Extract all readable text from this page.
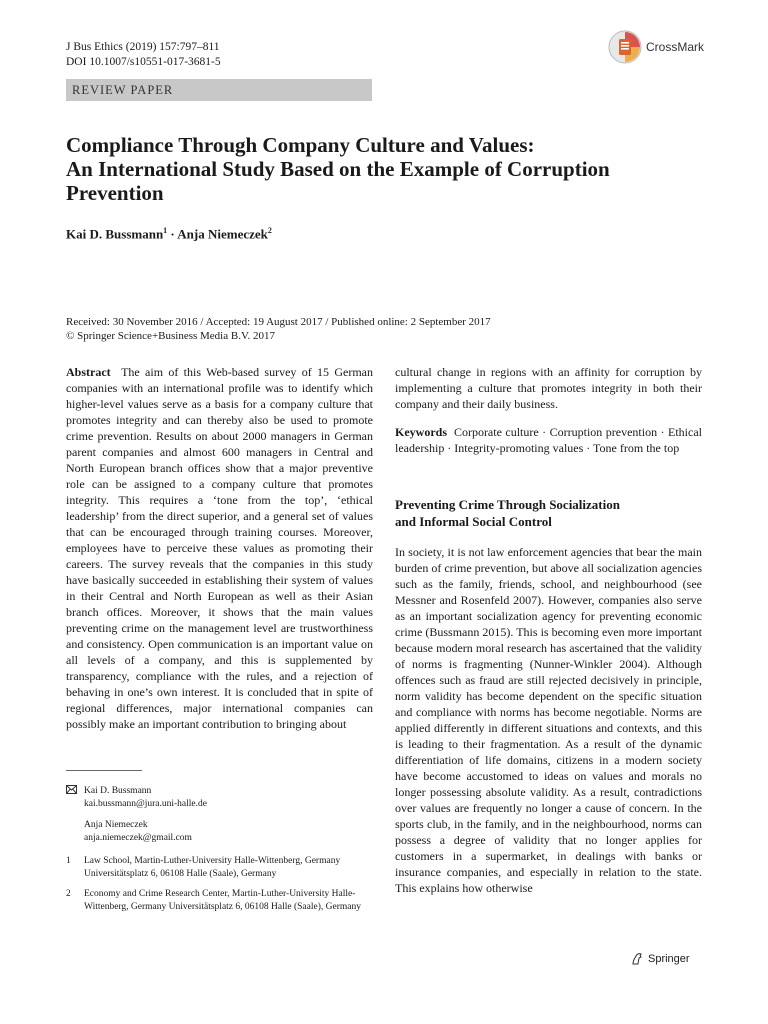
J Bus Ethics (2019) 157:797–811
DOI 10.1007/s10551-017-3681-5
CrossMark
REVIEW PAPER
Compliance Through Company Culture and Values:
An International Study Based on the Example of Corruption
Prevention
Kai D. Bussmann$^1$ · Anja Niemeczek$^2$
Received: 30 November 2016 / Accepted: 19 August 2017 / Published online: 2 September 2017
© Springer Science+Business Media B.V. 2017

Abstract The aim of this Web-based survey of 15 German companies with an international profile was to identify which higher-level values serve as a basis for a company culture that promotes integrity and can thereby also be used to promote crime prevention. Results on about 2000 managers in German parent companies and almost 600 managers in Central and North European branch offices show that a major preventive role can be assigned to a company culture that promotes integrity. This requires a ‘tone from the top’, ‘ethical leadership’ from the direct superior, and a general set of values that can be encouraged through training courses. Moreover, employees have to perceive these values as promoting their careers. The survey reveals that the companies in this study have basically succeeded in establishing their system of values in their Central and North European as well as their Asian branch offices. Moreover, it shows that the main values preventing crime on the management level are trustworthiness and consistency. Open communication is an important value on all levels of a company, and this is supplemented by transparency, compliance with the rules, and a rejection of behaving in one’s own interest. It is concluded that in spite of regional differences, major international companies can possibly make an important contribution to bringing about

Kai D. Bussmann
kai.bussmann@jura.uni-halle.de
Anja Niemeczek
anja.niemeczek@gmail.com
1	Law School, Martin-Luther-University Halle-Wittenberg, Germany Universitätsplatz 6, 06108 Halle (Saale), Germany
2	Economy and Crime Research Center, Martin-Luther-University Halle-Wittenberg, Germany Universitätsplatz 6, 06108 Halle (Saale), Germany

cultural change in regions with an affinity for corruption by implementing a culture that promotes integrity in both their company and their daily business.

Keywords Corporate culture · Corruption prevention · Ethical leadership · Integrity-promoting values · Tone from the top

Preventing Crime Through Socialization
and Informal Social Control

In society, it is not law enforcement agencies that bear the main burden of crime prevention, but above all socialization agencies such as the family, friends, school, and neighbourhood (see Messner and Rosenfeld 2007). However, companies also serve as an important socialization agency for preventing economic crime (Bussmann 2015). This is becoming even more important because modern moral research has ascertained that the validity of norms is fragmenting (Nunner-Winkler 2004). Although offences such as fraud are still rejected decisively in principle, norm validity has become dependent on the specific situation and compliance with norms has become negotiable. Norms are applied differently in different situations and contexts, and this is leading to their fragmentation. As a result of the dynamic differentiation of life domains, citizens in a modern society have become accustomed to ideas on values and morals no longer possessing absolute validity. As a result, contradictions over values are frequently no longer a cause of concern. In the sports club, in the family, and in the neighbourhood, norms can possess a degree of validity that no longer applies for customers in a supermarket, in dealings with banks or insurance companies, and especially in relation to the state. This explains how otherwise

Springer
